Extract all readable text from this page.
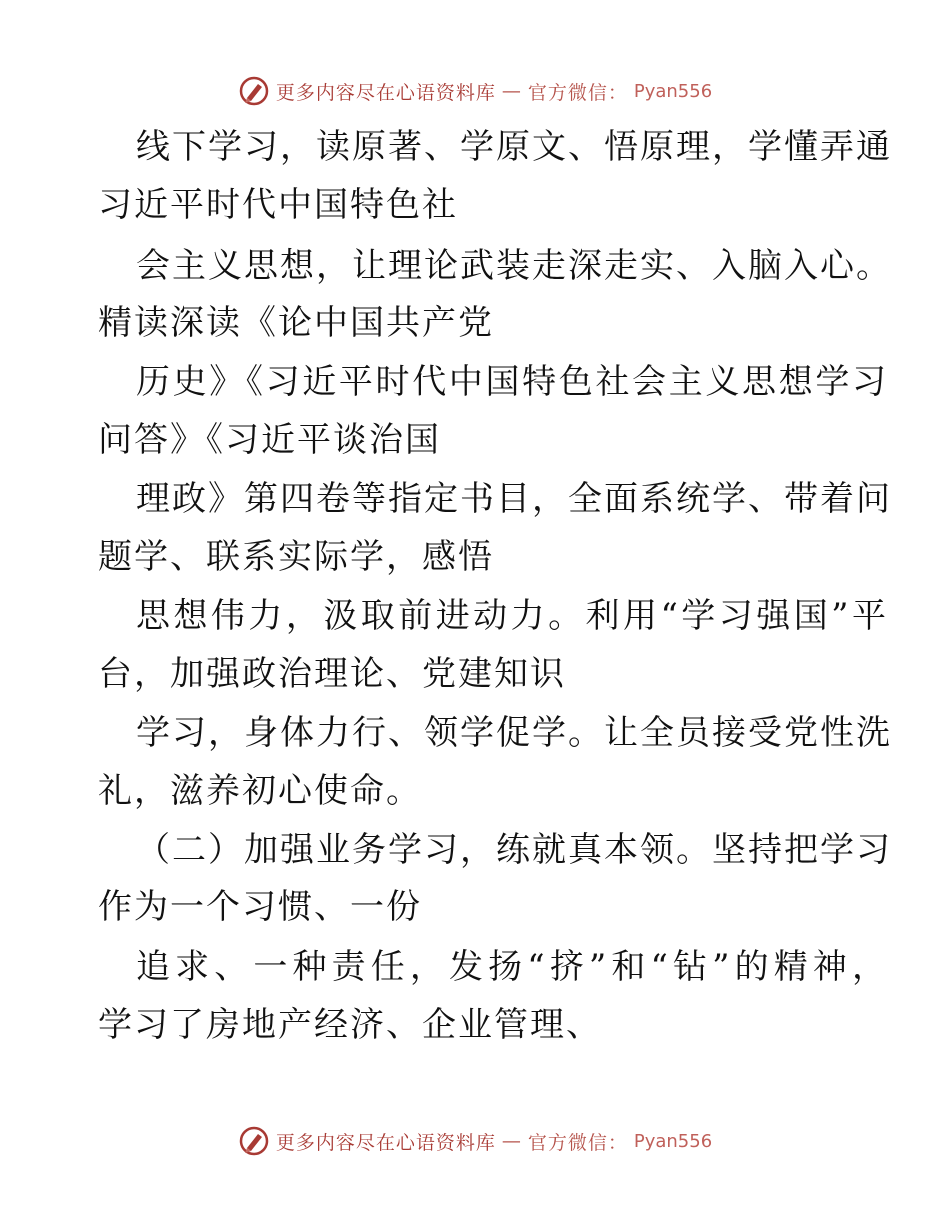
更多内容尽在心语资料库 — 官方微信： Pyan556
线下学习，读原著、学原文、悟原理，学懂弄通
习近平时代中国特色社
会主义思想，让理论武装走深走实、入脑入心。
精读深读《论中国共产党
历史》《习近平时代中国特色社会主义思想学习
问答》《习近平谈治国
理政》第四卷等指定书目，全面系统学、带着问
题学、联系实际学，感悟
思想伟力，汲取前进动力。利用“学习强国”平
台，加强政治理论、党建知识
学习，身体力行、领学促学。让全员接受党性洗
礼，滋养初心使命。
（二）加强业务学习，练就真本领。坚持把学习
作为一个习惯、一份
追求、一种责任，发扬“挤”和“钻”的精神，
学习了房地产经济、企业管理、
更多内容尽在心语资料库 — 官方微信： Pyan556
